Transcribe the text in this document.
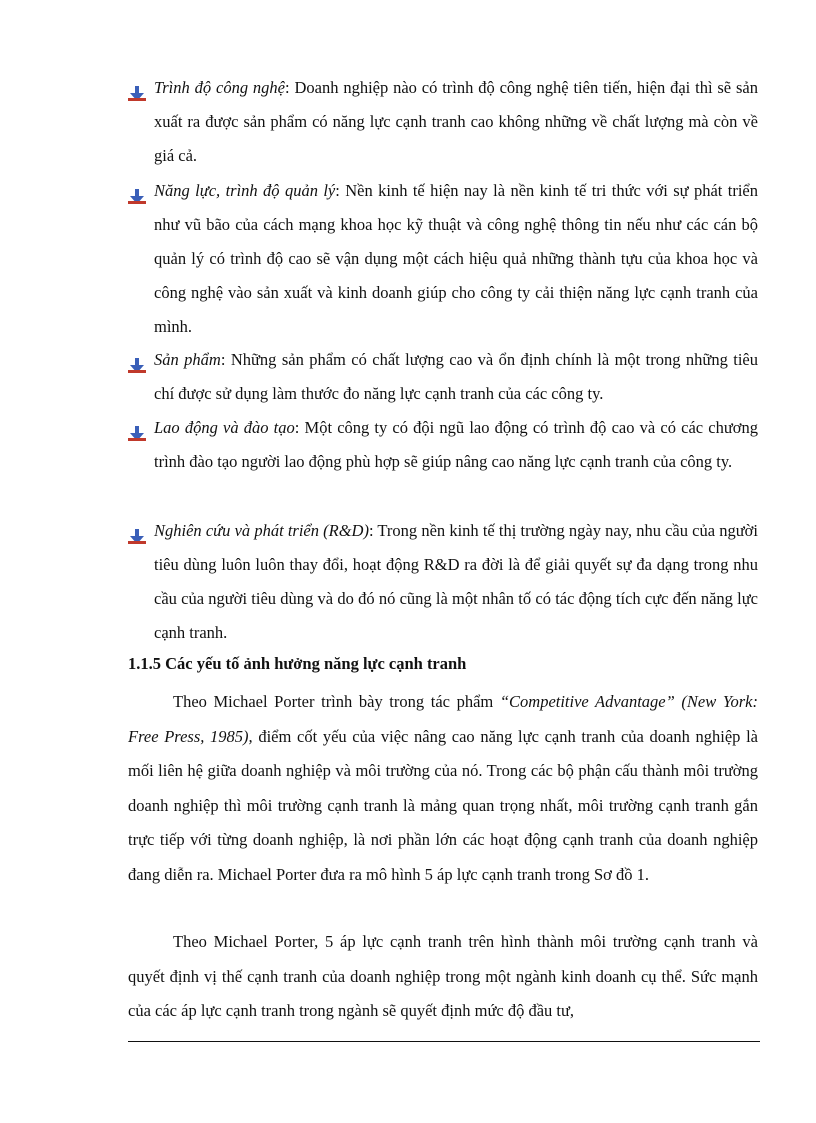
Trình độ công nghệ: Doanh nghiệp nào có trình độ công nghệ tiên tiến, hiện đại thì sẽ sản xuất ra được sản phẩm có năng lực cạnh tranh cao không những về chất lượng mà còn về giá cả.
Năng lực, trình độ quản lý: Nền kinh tế hiện nay là nền kinh tế tri thức với sự phát triển như vũ bão của cách mạng khoa học kỹ thuật và công nghệ thông tin nếu như các cán bộ quản lý có trình độ cao sẽ vận dụng một cách hiệu quả những thành tựu của khoa học và công nghệ vào sản xuất và kinh doanh giúp cho công ty cải thiện năng lực cạnh tranh của mình.
Sản phẩm: Những sản phẩm có chất lượng cao và ổn định chính là một trong những tiêu chí được sử dụng làm thước đo năng lực cạnh tranh của các công ty.
Lao động và đào tạo: Một công ty có đội ngũ lao động có trình độ cao và có các chương trình đào tạo người lao động phù hợp sẽ giúp nâng cao năng lực cạnh tranh của công ty.
Nghiên cứu và phát triển (R&D): Trong nền kinh tế thị trường ngày nay, nhu cầu của người tiêu dùng luôn luôn thay đổi, hoạt động R&D ra đời là để giải quyết sự đa dạng trong nhu cầu của người tiêu dùng và do đó nó cũng là một nhân tố có tác động tích cực đến năng lực cạnh tranh.
1.1.5 Các yếu tố ảnh hưởng năng lực cạnh tranh

Theo Michael Porter trình bày trong tác phẩm “Competitive Advantage” (New York: Free Press, 1985), điểm cốt yếu của việc nâng cao năng lực cạnh tranh của doanh nghiệp là mối liên hệ giữa doanh nghiệp và môi trường của nó. Trong các bộ phận cấu thành môi trường doanh nghiệp thì môi trường cạnh tranh là mảng quan trọng nhất, môi trường cạnh tranh gắn trực tiếp với từng doanh nghiệp, là nơi phần lớn các hoạt động cạnh tranh của doanh nghiệp đang diễn ra. Michael Porter đưa ra mô hình 5 áp lực cạnh tranh trong Sơ đồ 1.

Theo Michael Porter, 5 áp lực cạnh tranh trên hình thành môi trường cạnh tranh và quyết định vị thế cạnh tranh của doanh nghiệp trong một ngành kinh doanh cụ thể. Sức mạnh của các áp lực cạnh tranh trong ngành sẽ quyết định mức độ đầu tư,
